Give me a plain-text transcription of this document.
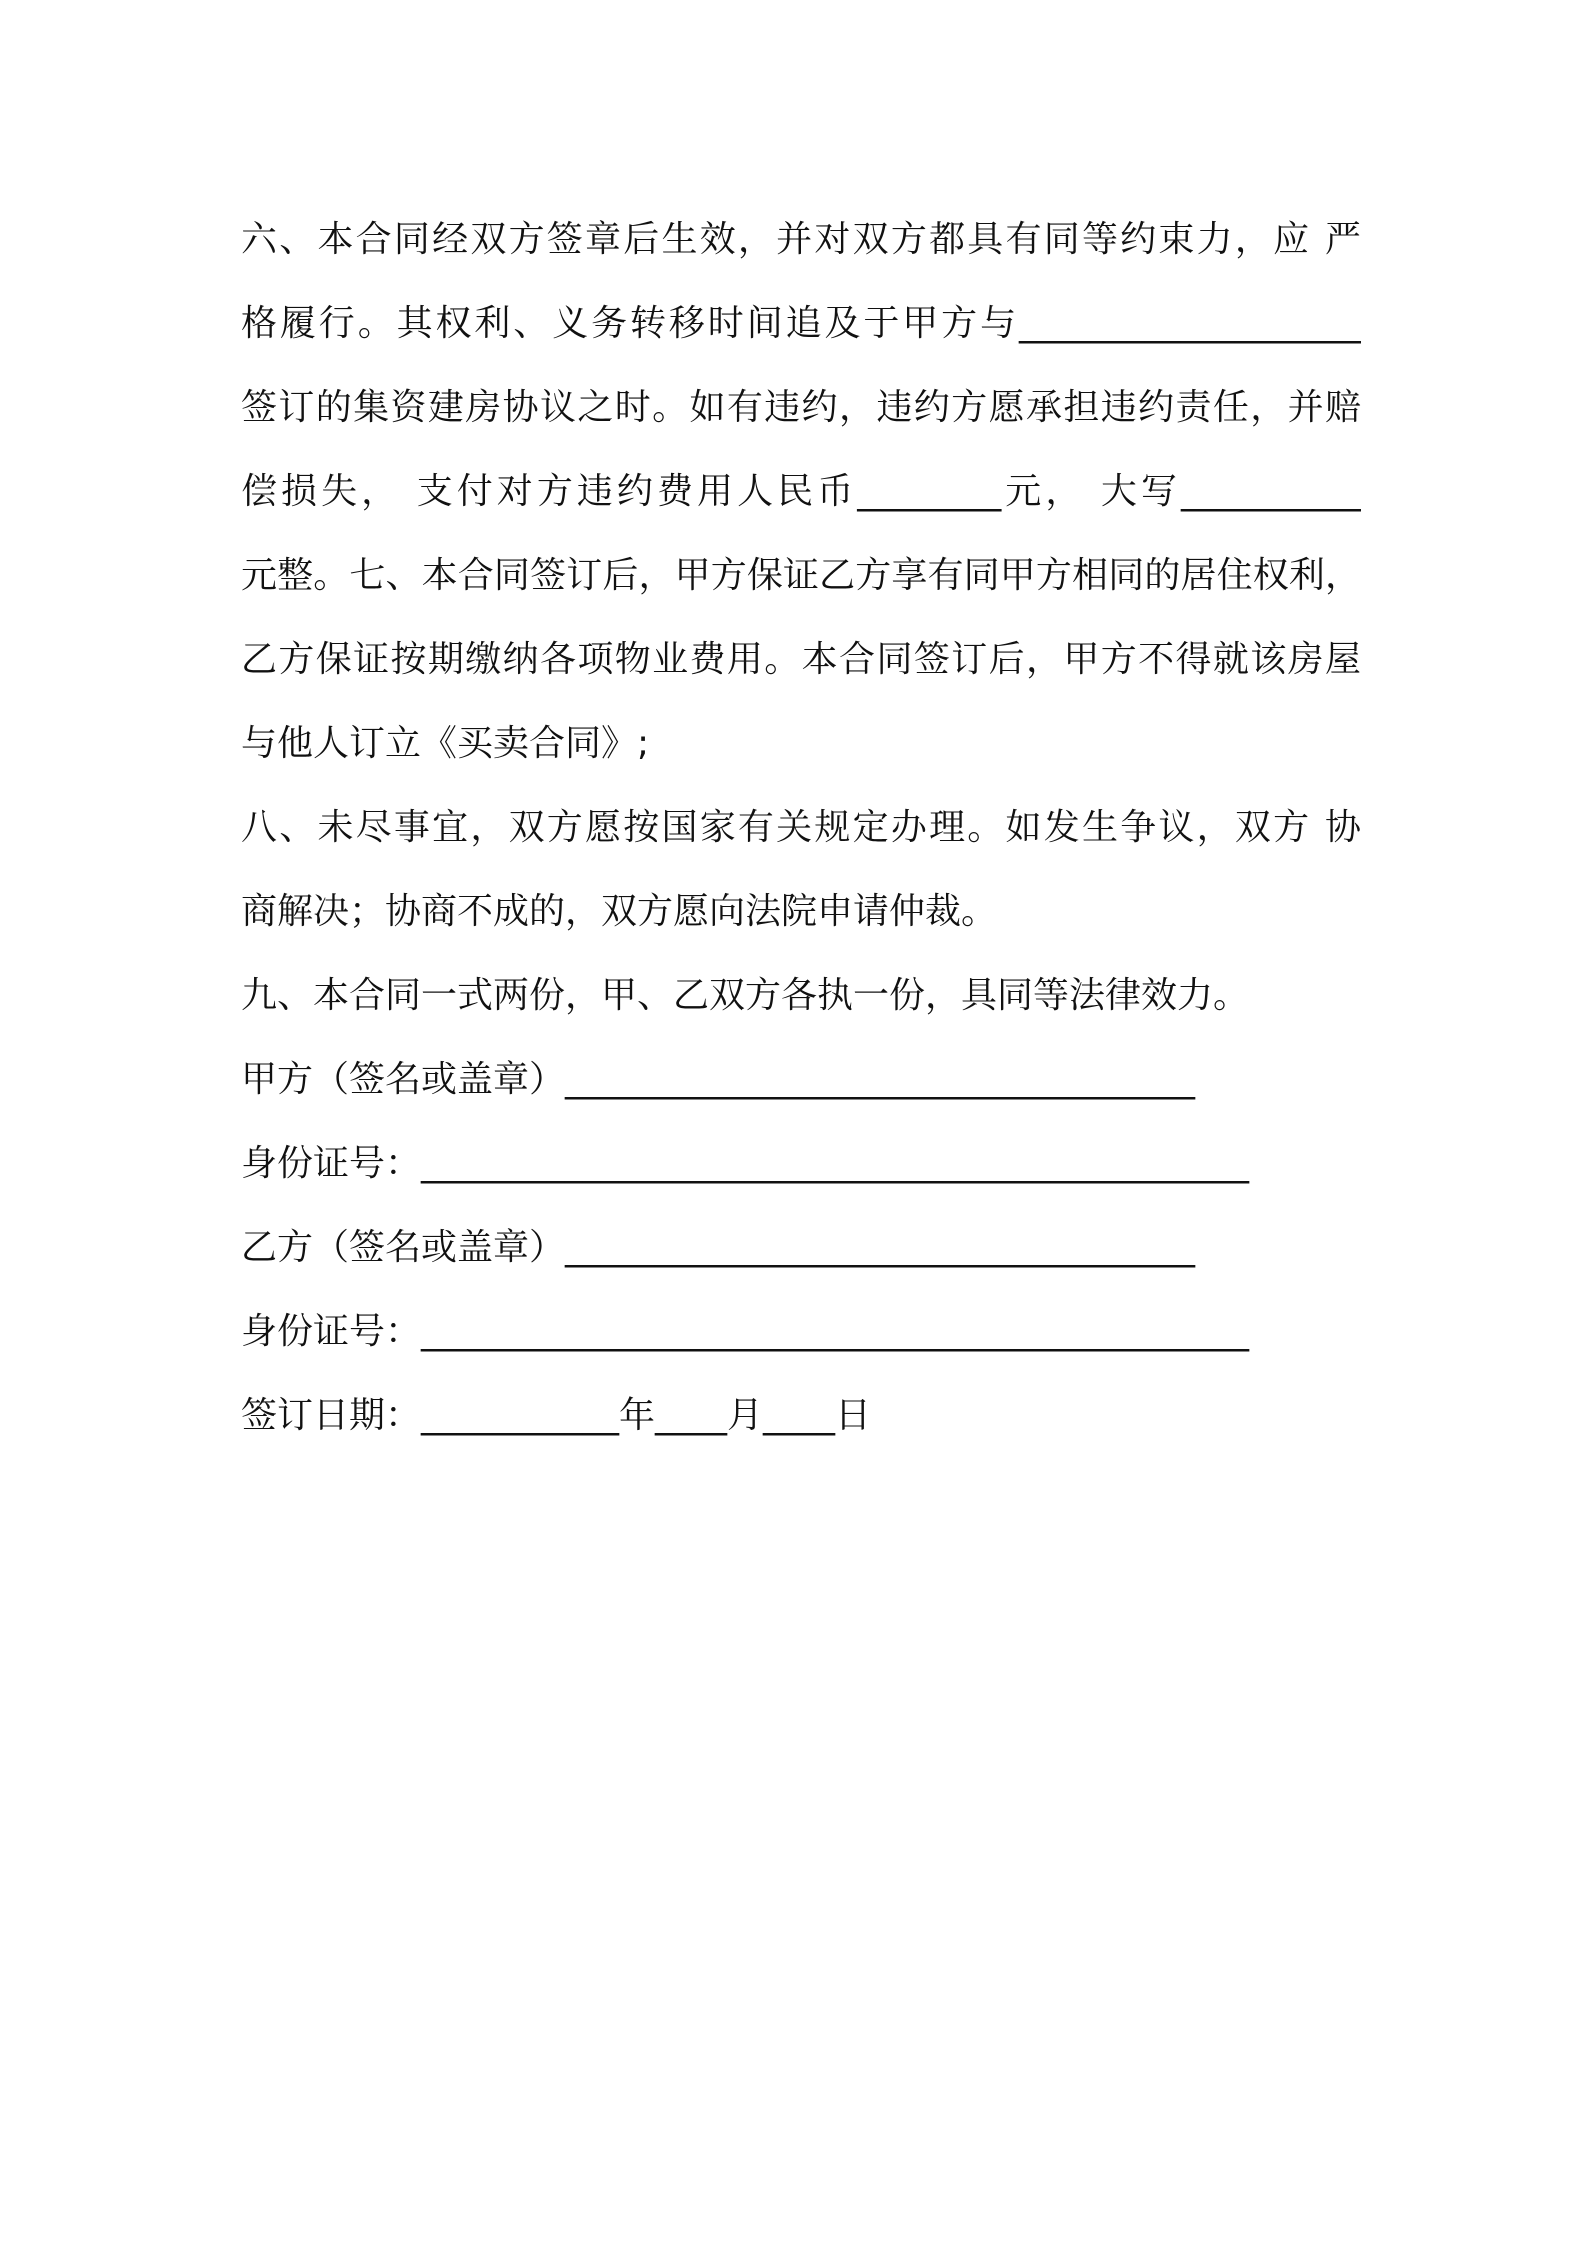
六、本合同经双方签章后生效，并对双方都具有同等约束力，应 严
格履行。其权利、义务转移时间追及于甲方与___________________
签订的集资建房协议之时。如有违约，违约方愿承担违约责任，并赔
偿损失， 支付对方违约费用人民币________元， 大写__________
元整。七、本合同签订后，甲方保证乙方享有同甲方相同的居住权利，
乙方保证按期缴纳各项物业费用。本合同签订后，甲方不得就该房屋
与他人订立《买卖合同》;
八、未尽事宜，双方愿按国家有关规定办理。如发生争议，双方 协
商解决；协商不成的，双方愿向法院申请仲裁。
九、本合同一式两份，甲、乙双方各执一份，具同等法律效力。
甲方（签名或盖章）___________________________________
身份证号：______________________________________________
乙方（签名或盖章）___________________________________
身份证号：______________________________________________
签订日期：___________年____月____日
